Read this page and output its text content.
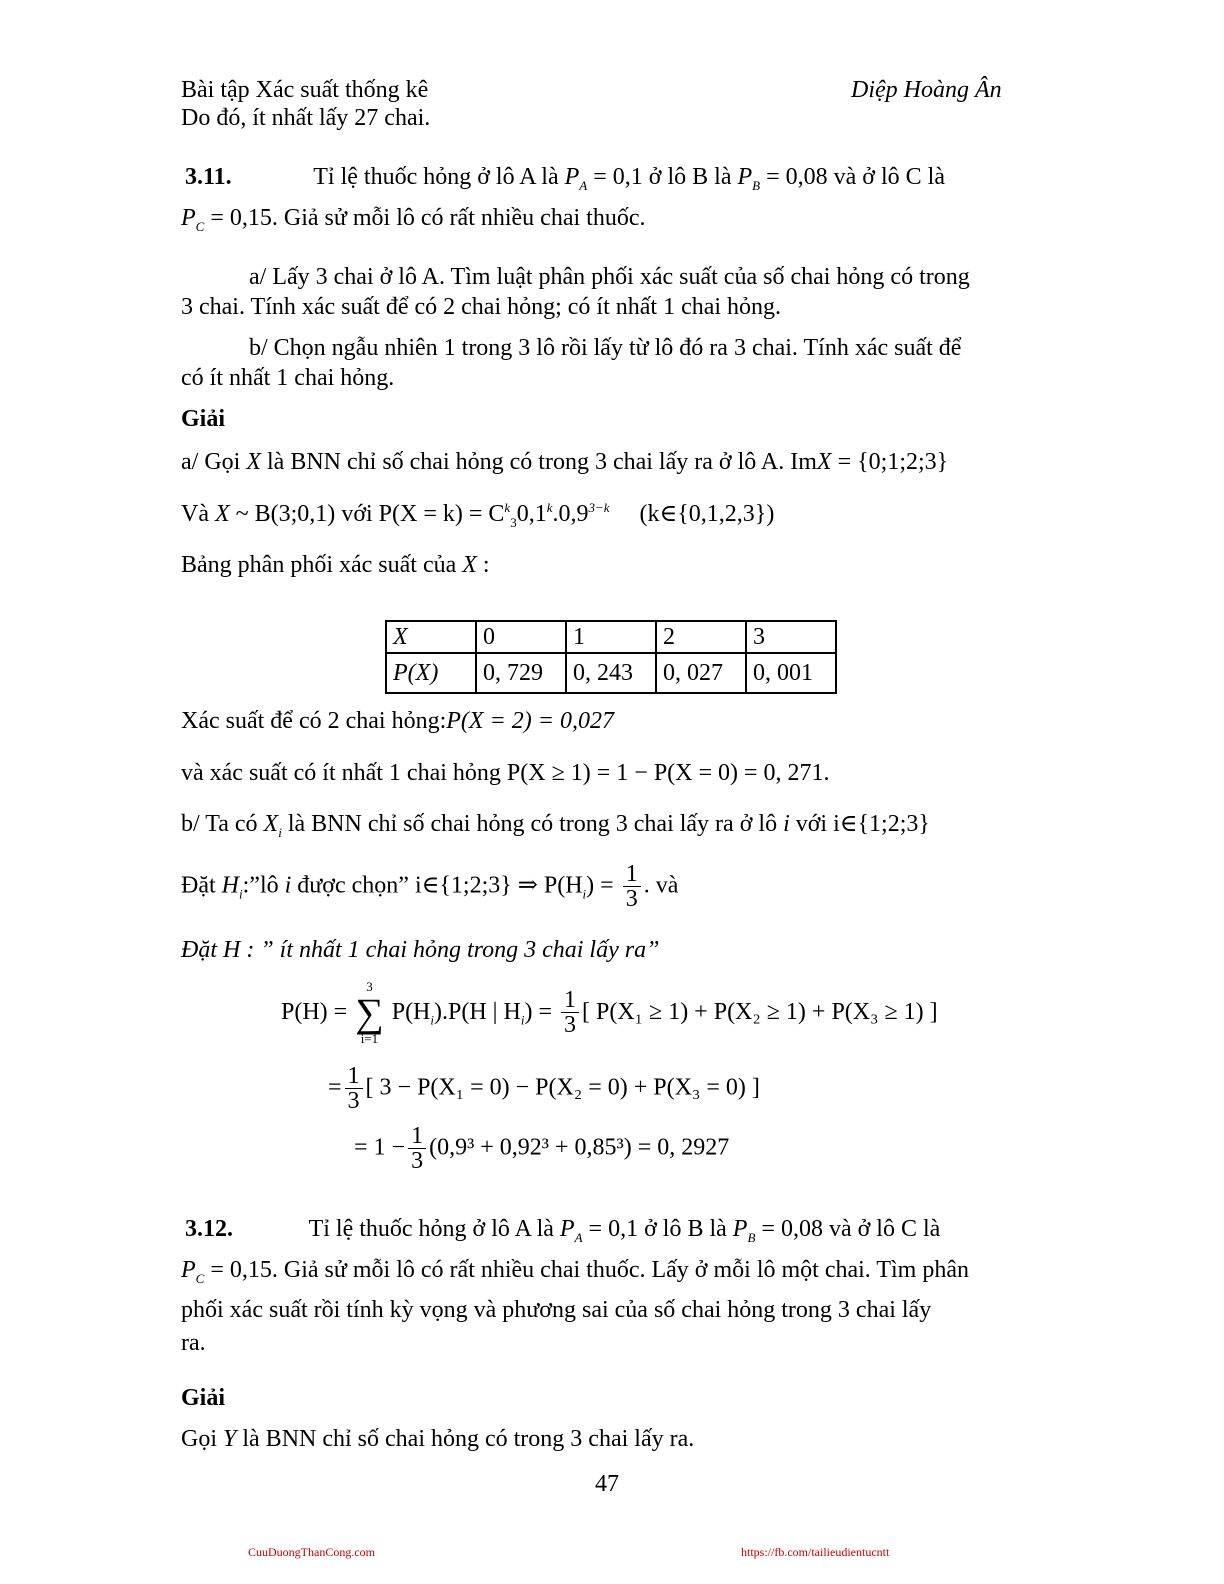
Bài tập Xác suất thống kê	Diệp Hoàng Ân
Do đó, ít nhất lấy 27 chai.
3.11.	Tỉ lệ thuốc hỏng ở lô A là $P_A = 0,1$ ở lô B là $P_B = 0,08$ và ở lô C là
$P_C = 0,15$. Giả sử mỗi lô có rất nhiều chai thuốc.
a/ Lấy 3 chai ở lô A. Tìm luật phân phối xác suất của số chai hỏng có trong
3 chai. Tính xác suất để có 2 chai hỏng; có ít nhất 1 chai hỏng.
b/ Chọn ngẫu nhiên 1 trong 3 lô rồi lấy từ lô đó ra 3 chai. Tính xác suất để
có ít nhất 1 chai hỏng.
Giải
a/ Gọi X là BNN chỉ số chai hỏng có trong 3 chai lấy ra ở lô A. ImX = {0;1;2;3}
Và X ~ B(3;0,1) với $P(X = k) = C^k_30,1^k.0,9^{3-k}$ (k∈{0,1,2,3})
Bảng phân phối xác suất của X :
X	0	1	2	3
P(X)	0, 729	0, 243	0, 027	0, 001
Xác suất để có 2 chai hỏng:P(X = 2) = 0,027
và xác suất có ít nhất 1 chai hỏng P(X ≥ 1) = 1 − P(X = 0) = 0, 271.
b/ Ta có $X_i$ là BNN chỉ số chai hỏng có trong 3 chai lấy ra ở lô i với i∈{1;2;3}
Đặt $H_i:”lô$ i được chọn” i∈{1;2;3} ⇒ $P(H_i) = \frac{1}{3}$ . và
Đặt H : ” ít nhất 1 chai hỏng trong 3 chai lấy ra”
P(H) =
3
∑
i=1
$P(H_i).P(H$ | $H_i) = \frac{1}{3}$ [ P(X₁ ≥ 1) + P(X₂ ≥ 1) + P(X₃ ≥ 1) ]
= $\frac{1}{3}$ [ 3 − P(X₁ = 0) − P(X₂ = 0) + P(X₃ = 0) ]
= $1 - \frac{1}{3} (0,9^3 + 0,92^3 + 0,85^3) = 0$, 2927
3.12.	Tỉ lệ thuốc hỏng ở lô A là $P_A = 0,1$ ở lô B là $P_B = 0,08$ và ở lô C là
$P_C = 0,15$. Giả sử mỗi lô có rất nhiều chai thuốc. Lấy ở mỗi lô một chai. Tìm phân
phối xác suất rồi tính kỳ vọng và phương sai của số chai hỏng trong 3 chai lấy
ra.
Giải
Gọi Y là BNN chỉ số chai hỏng có trong 3 chai lấy ra.
47
CuuDuongThanCong.com	https://fb.com/tailieudientucntt
